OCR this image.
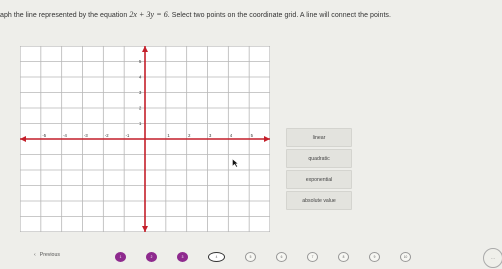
aph the line represented by the equation 2x + 3y = 6. Select two points on the coordinate grid. A line will connect the points.
-5	-4	-3	-2	-1	1	2	3	4	5
5
4
3
2
1
linear
quadratic
exponential
absolute value
‹ Previous	1	2	3	4	5	6	7	8	9	10	⋯
